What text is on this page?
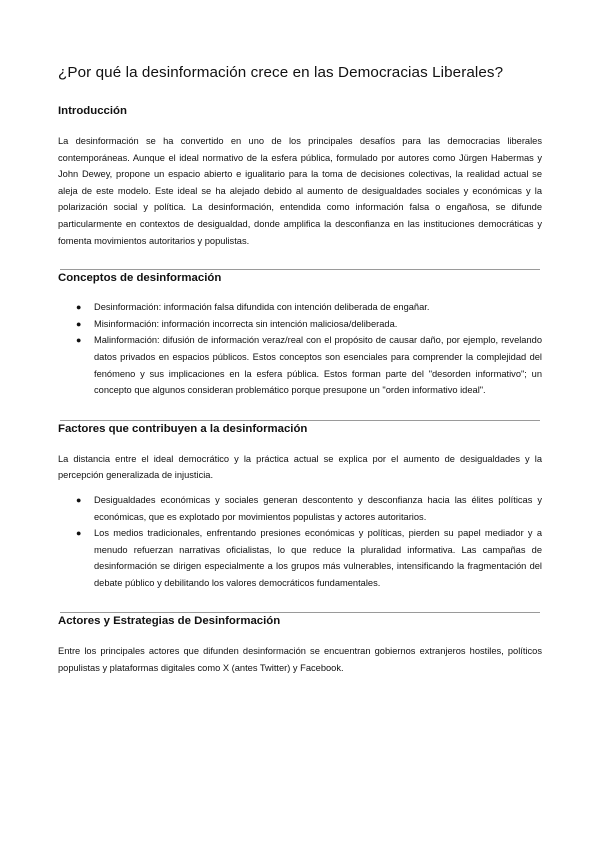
¿Por qué la desinformación crece en las Democracias Liberales?
Introducción

La desinformación se ha convertido en uno de los principales desafíos para las democracias liberales contemporáneas. Aunque el ideal normativo de la esfera pública, formulado por autores como Jürgen Habermas y John Dewey, propone un espacio abierto e igualitario para la toma de decisiones colectivas, la realidad actual se aleja de este modelo. Este ideal se ha alejado debido al aumento de desigualdades sociales y económicas y la polarización social y política. La desinformación, entendida como información falsa o engañosa, se difunde particularmente en contextos de desigualdad, donde amplifica la desconfianza en las instituciones democráticas y fomenta movimientos autoritarios y populistas.

Conceptos de desinformación
● Desinformación: información falsa difundida con intención deliberada de engañar.
● Misinformación: información incorrecta sin intención maliciosa/deliberada.
● Malinformación: difusión de información veraz/real con el propósito de causar daño, por ejemplo, revelando datos privados en espacios públicos. Estos conceptos son esenciales para comprender la complejidad del fenómeno y sus implicaciones en la esfera pública. Estos forman parte del "desorden informativo"; un concepto que algunos consideran problemático porque presupone un "orden informativo ideal".
Factores que contribuyen a la desinformación

La distancia entre el ideal democrático y la práctica actual se explica por el aumento de desigualdades y la percepción generalizada de injusticia.

● Desigualdades económicas y sociales generan descontento y desconfianza hacia las élites políticas y económicas, que es explotado por movimientos populistas y actores autoritarios.
● Los medios tradicionales, enfrentando presiones económicas y políticas, pierden su papel mediador y a menudo refuerzan narrativas oficialistas, lo que reduce la pluralidad informativa. Las campañas de desinformación se dirigen especialmente a los grupos más vulnerables, intensificando la fragmentación del debate público y debilitando los valores democráticos fundamentales.
Actores y Estrategias de Desinformación

Entre los principales actores que difunden desinformación se encuentran gobiernos extranjeros hostiles, políticos populistas y plataformas digitales como X (antes Twitter) y Facebook.
